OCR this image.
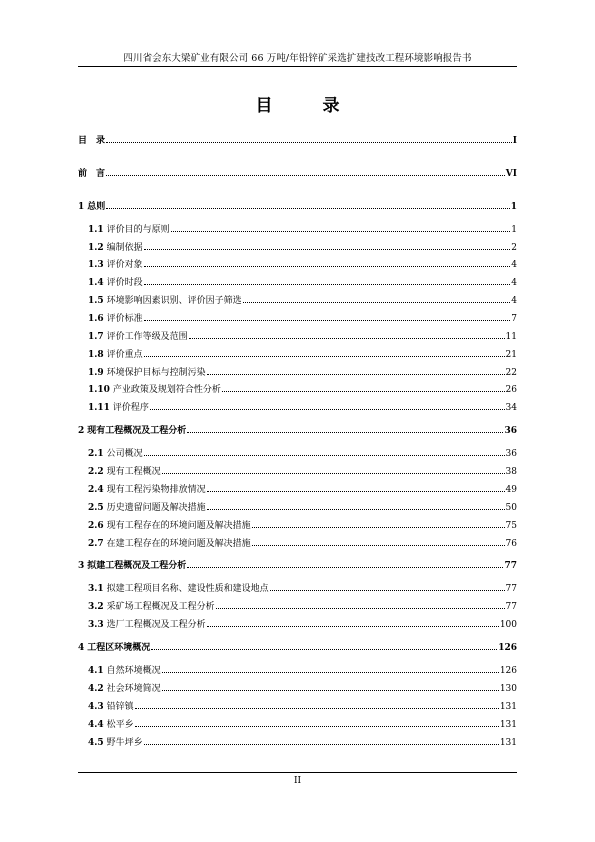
四川省会东大梁矿业有限公司 66 万吨/年铅锌矿采选扩建技改工程环境影响报告书
目 录
目　录	I
前　言	VI
1 总则	1
1.1 评价目的与原则	1
1.2 编制依据	2
1.3 评价对象	4
1.4 评价时段	4
1.5 环境影响因素识别、评价因子筛选	4
1.6 评价标准	7
1.7 评价工作等级及范围	11
1.8 评价重点	21
1.9 环境保护目标与控制污染	22
1.10 产业政策及规划符合性分析	26
1.11 评价程序	34
2 现有工程概况及工程分析	36
2.1 公司概况	36
2.2 现有工程概况	38
2.4 现有工程污染物排放情况	49
2.5 历史遗留问题及解决措施	50
2.6 现有工程存在的环境问题及解决措施	75
2.7 在建工程存在的环境问题及解决措施	76
3 拟建工程概况及工程分析	77
3.1 拟建工程项目名称、建设性质和建设地点	77
3.2 采矿场工程概况及工程分析	77
3.3 选厂工程概况及工程分析	100
4 工程区环境概况	126
4.1 自然环境概况	126
4.2 社会环境简况	130
4.3 铅锌镇	131
4.4 松平乡	131
4.5 野牛坪乡	131
II
